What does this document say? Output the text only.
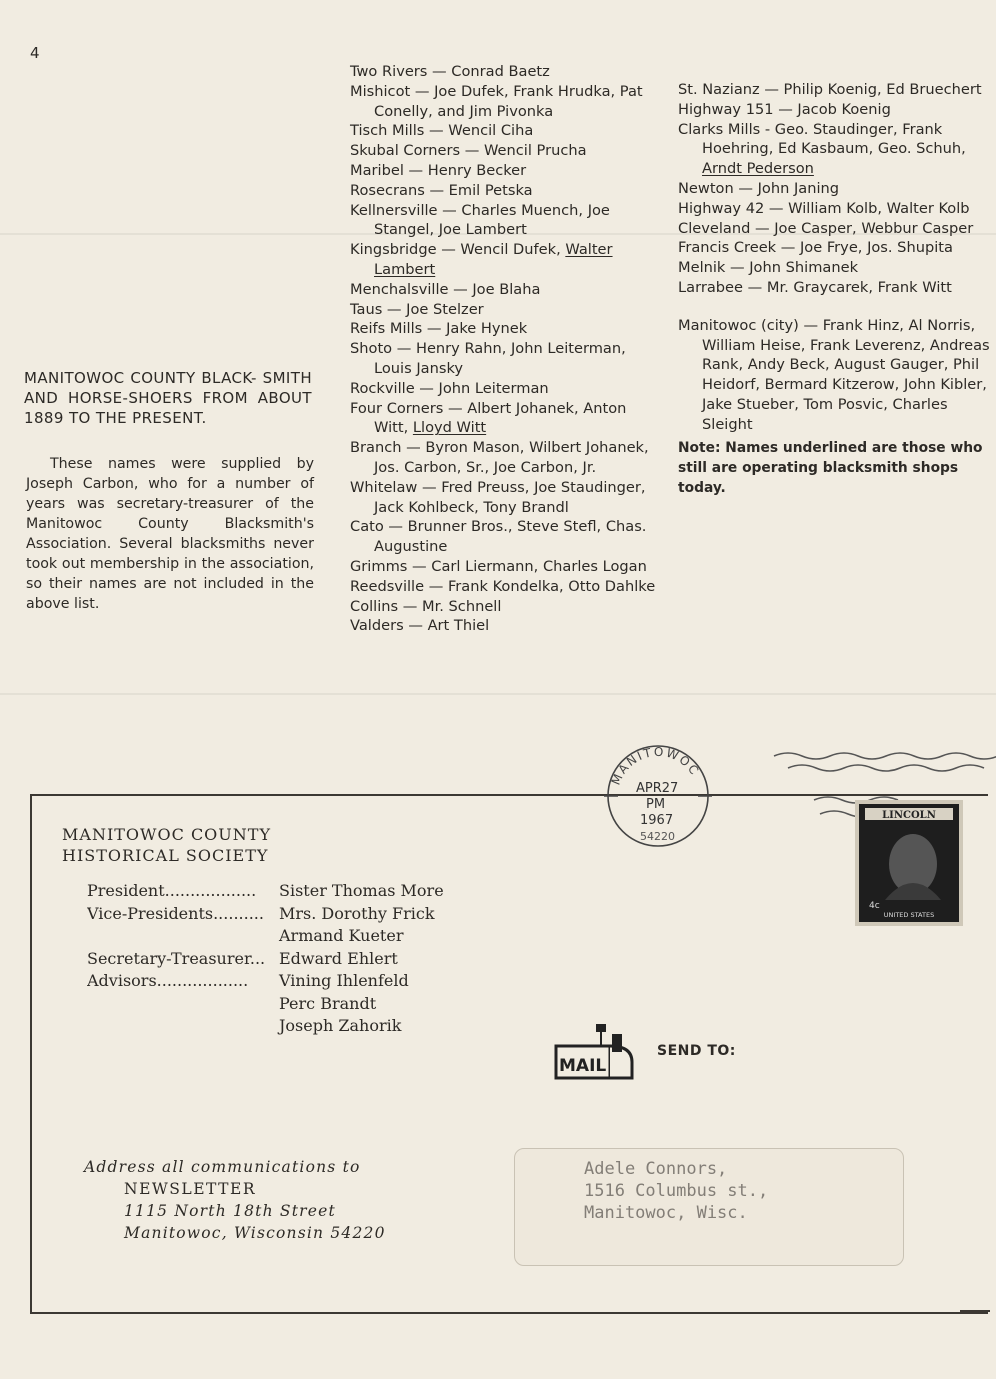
4
MANITOWOC COUNTY BLACK- SMITH AND HORSE-SHOERS FROM ABOUT 1889 TO THE PRESENT.
These names were supplied by Joseph Carbon, who for a number of years was secretary-treasurer of the Manitowoc County Blacksmith's Association. Several blacksmiths never took out membership in the association, so their names are not included in the above list.
Two Rivers — Conrad Baetz
Mishicot — Joe Dufek, Frank Hrudka, Pat Conelly, and Jim Pivonka
Tisch Mills — Wencil Ciha
Skubal Corners — Wencil Prucha
Maribel — Henry Becker
Rosecrans — Emil Petska
Kellnersville — Charles Muench, Joe Stangel, Joe Lambert
Kingsbridge — Wencil Dufek, Walter Lambert
Menchalsville — Joe Blaha
Taus — Joe Stelzer
Reifs Mills — Jake Hynek
Shoto — Henry Rahn, John Leiterman, Louis Jansky
Rockville — John Leiterman
Four Corners — Albert Johanek, Anton Witt, Lloyd Witt
Branch — Byron Mason, Wilbert Johanek, Jos. Carbon, Sr., Joe Carbon, Jr.
Whitelaw — Fred Preuss, Joe Staudinger, Jack Kohlbeck, Tony Brandl
Cato — Brunner Bros., Steve Stefl, Chas. Augustine
Grimms — Carl Liermann, Charles Logan
Reedsville — Frank Kondelka, Otto Dahlke
Collins — Mr. Schnell
Valders — Art Thiel
St. Nazianz — Philip Koenig, Ed Bruechert
Highway 151 — Jacob Koenig
Clarks Mills - Geo. Staudinger, Frank Hoehring, Ed Kasbaum, Geo. Schuh, Arndt Pederson
Newton — John Janing
Highway 42 — William Kolb, Walter Kolb
Cleveland — Joe Casper, Webbur Casper
Francis Creek — Joe Frye, Jos. Shupita
Melnik — John Shimanek
Larrabee — Mr. Graycarek, Frank Witt
Manitowoc (city) — Frank Hinz, Al Norris, William Heise, Frank Leverenz, Andreas Rank, Andy Beck, August Gauger, Phil Heidorf, Bermard Kitzerow, John Kibler, Jake Stueber, Tom Posvic, Charles Sleight
Note: Names underlined are those who still are operating blacksmith shops today.
MANITOWOC COUNTY
HISTORICAL SOCIETY
President..................	Sister Thomas More
Vice-Presidents.......... Mrs. Dorothy Frick
Armand Kueter
Secretary-Treasurer... Edward Ehlert
Advisors..................	Vining Ihlenfeld
Perc Brandt
Joseph Zahorik
Address all communications to
NEWSLETTER
1115 North 18th Street
Manitowoc, Wisconsin 54220
Adele Connors,
1516 Columbus st.,
Manitowoc, Wisc.
MAIL
SEND TO:
MANITOWOC
APR27
PM
1967
54220
LINCOLN
4c
UNITED STATES
